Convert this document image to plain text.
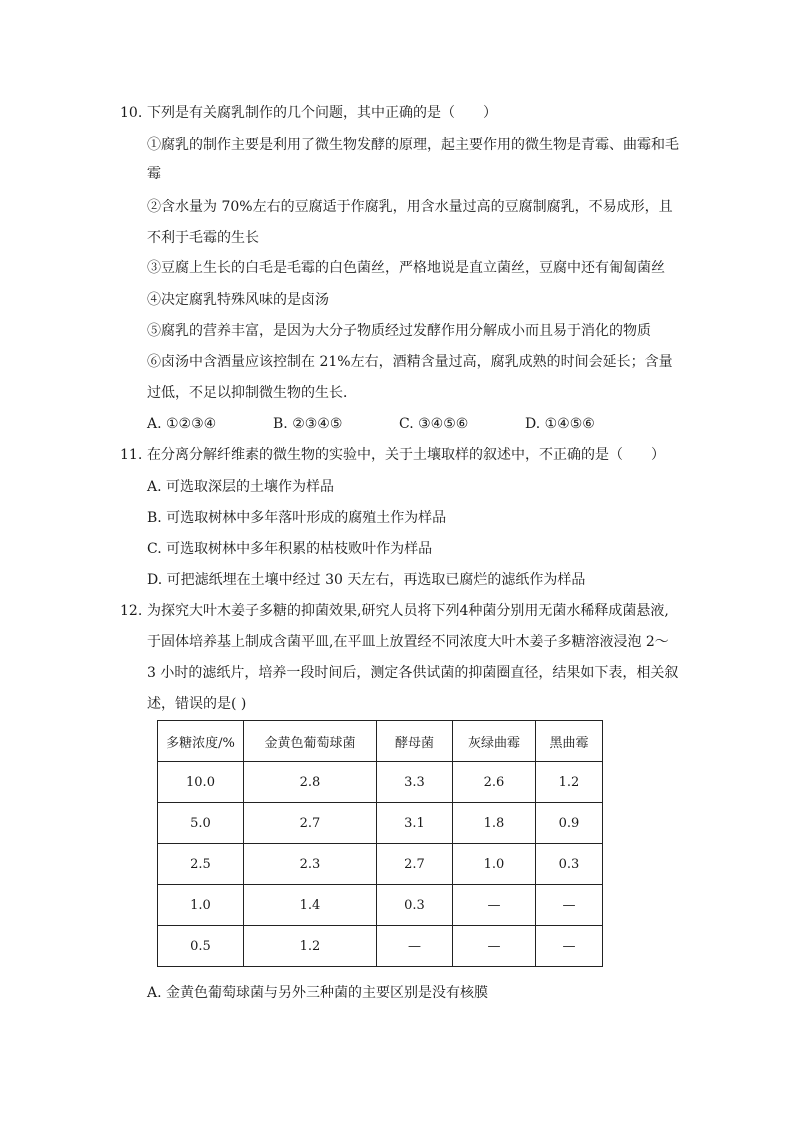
10. 下列是有关腐乳制作的几个问题，其中正确的是（　　）
①腐乳的制作主要是利用了微生物发酵的原理，起主要作用的微生物是青霉、曲霉和毛
霉
②含水量为 70%左右的豆腐适于作腐乳，用含水量过高的豆腐制腐乳，不易成形，且
不利于毛霉的生长
③豆腐上生长的白毛是毛霉的白色菌丝，严格地说是直立菌丝，豆腐中还有匍匐菌丝
④决定腐乳特殊风味的是卤汤
⑤腐乳的营养丰富，是因为大分子物质经过发酵作用分解成小而且易于消化的物质
⑥卤汤中含酒量应该控制在 21%左右，酒精含量过高，腐乳成熟的时间会延长；含量
过低，不足以抑制微生物的生长．
A. ①②③④	B. ②③④⑤	C. ③④⑤⑥	D. ①④⑤⑥
11. 在分离分解纤维素的微生物的实验中，关于土壤取样的叙述中，不正确的是（　　）
A. 可选取深层的土壤作为样品
B. 可选取树林中多年落叶形成的腐殖土作为样品
C. 可选取树林中多年积累的枯枝败叶作为样品
D. 可把滤纸埋在土壤中经过 30 天左右，再选取已腐烂的滤纸作为样品
12. 为探究大叶木姜子多糖的抑菌效果,研究人员将下列4种菌分别用无菌水稀释成菌悬液,
于固体培养基上制成含菌平皿,在平皿上放置经不同浓度大叶木姜子多糖溶液浸泡 2～
3 小时的滤纸片，培养一段时间后，测定各供试菌的抑菌圈直径，结果如下表，相关叙
述，错误的是( )
多糖浓度/%	金黄色葡萄球菌	酵母菌	灰绿曲霉	黑曲霉
10.0	2.8	3.3	2.6	1.2
5.0	2.7	3.1	1.8	0.9
2.5	2.3	2.7	1.0	0.3
1.0	1.4	0.3	—	—
0.5	1.2	—	—	—
A. 金黄色葡萄球菌与另外三种菌的主要区别是没有核膜
